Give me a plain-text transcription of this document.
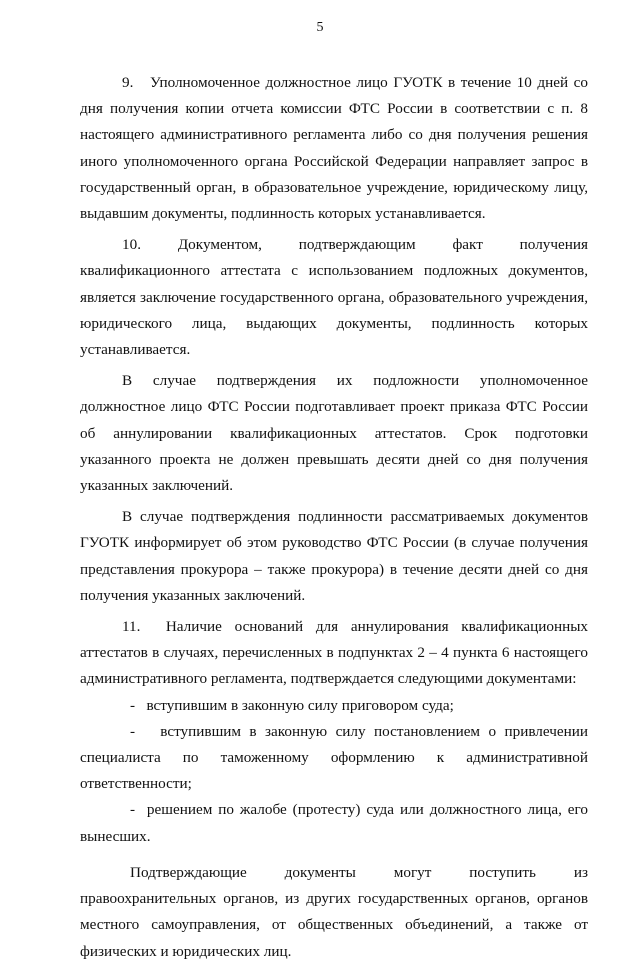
5

9.   Уполномоченное должностное лицо ГУОТК в течение 10 дней со дня получения копии отчета комиссии ФТС России в соответствии с п. 8 настоящего административного регламента либо со дня получения решения иного уполномоченного органа Российской Федерации направляет запрос в государственный орган, в образовательное учреждение, юридическому лицу, выдавшим документы, подлинность которых устанавливается.

10. Документом, подтверждающим факт получения квалификационного аттестата с использованием подложных документов, является заключение государственного органа, образовательного учреждения, юридического лица, выдающих документы, подлинность которых устанавливается.

В случае подтверждения их подложности уполномоченное должностное лицо ФТС России подготавливает проект приказа ФТС России об аннулировании квалификационных аттестатов. Срок подготовки указанного проекта не должен превышать десяти дней со дня получения указанных заключений.

В случае подтверждения подлинности рассматриваемых документов ГУОТК информирует об этом руководство ФТС России (в случае получения представления прокурора – также прокурора) в течение десяти дней со дня получения указанных заключений.

11.  Наличие оснований для аннулирования квалификационных аттестатов в случаях, перечисленных в подпунктах 2 – 4 пункта 6 настоящего административного регламента, подтверждается следующими документами:

-   вступившим в законную силу приговором суда;

-   вступившим в законную силу постановлением о привлечении специалиста по таможенному оформлению к административной ответственности;

-  решением по жалобе (протесту) суда или должностного лица, его вынесших.

Подтверждающие документы могут поступить из правоохранительных органов, из других государственных органов, органов местного самоуправления, от общественных объединений, а также от физических и юридических лиц.
